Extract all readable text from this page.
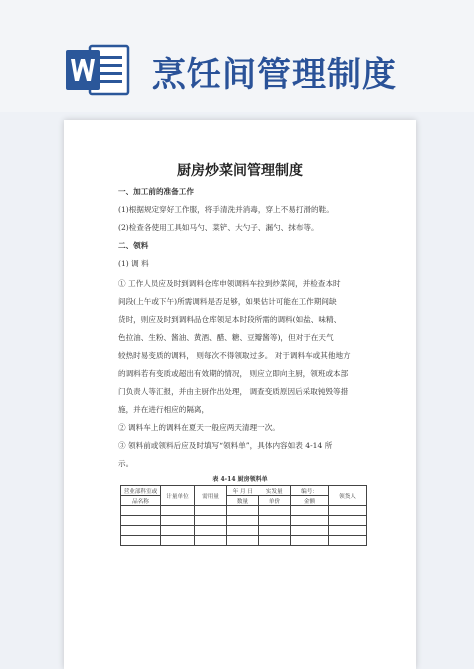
烹饪间管理制度
厨房炒菜间管理制度
一、加工前的准备工作
(1)根据规定穿好工作服，将手清洗并消毒，穿上不易打滑的鞋。
(2)检查各使用工具如马勺、菜铲、大勺子、漏勺、抹布等。
二、领料
(1) 调 料
① 工作人员应及时到调料仓库申领调料车拉到炒菜间，并检查本时
间段(上午或下午)所需调料是否足够，如果估计可能在工作期间缺
货时，则应及时到调料品仓库领足本时段所需的调料(如盐、味精、
色拉油、生粉、酱油、黄酒、醋、糖、豆瓣酱等)，但对于在天气
较热时易变质的调料， 则每次不得领取过多。 对于调料车或其他地方
的调料若有变质或超出有效期的情况， 则应立即向主厨，领班或本部
门负责人等汇报，并由主厨作出处理， 调查变质原因后采取钝毁等措
施，并在进行相应的隔离，
② 调料车上的调料在夏天一般应两天清理一次。
③ 领料前或领料后应及时填写“领料单”，具体内容如表 4-14 所
示。
表 4-14 厨房领料单
营业部科室或	计量单位	需用量	年 月 日	实发量	编号：	领货人
品名称			数量	单价	金额	
